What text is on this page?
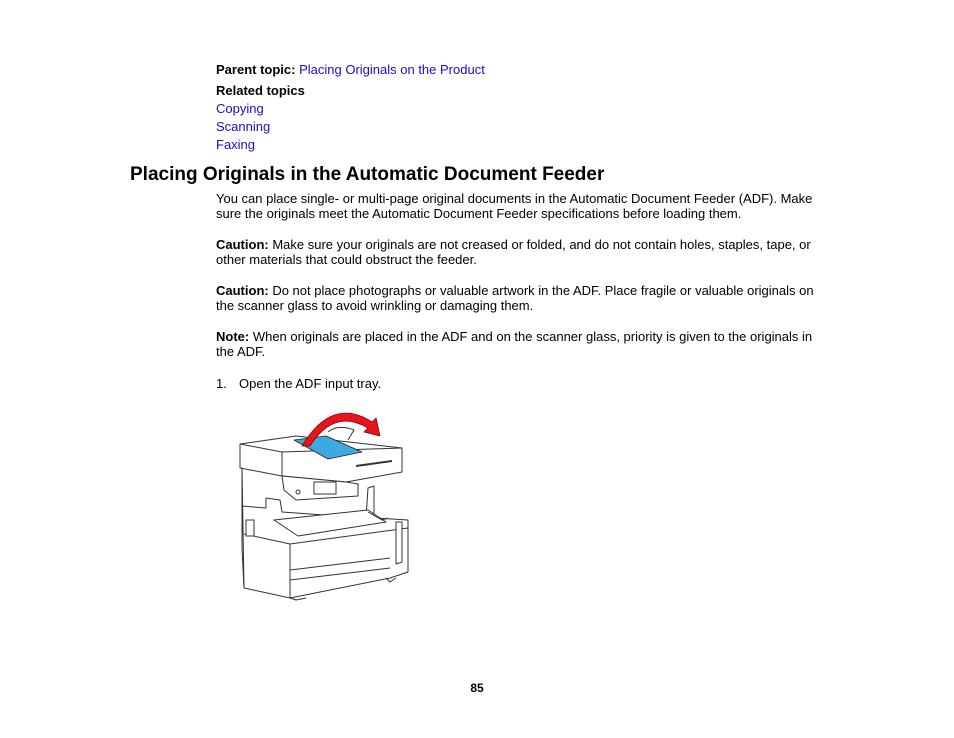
Parent topic: Placing Originals on the Product
Related topics
Copying
Scanning
Faxing
Placing Originals in the Automatic Document Feeder
You can place single- or multi-page original documents in the Automatic Document Feeder (ADF). Make sure the originals meet the Automatic Document Feeder specifications before loading them.
Caution: Make sure your originals are not creased or folded, and do not contain holes, staples, tape, or other materials that could obstruct the feeder.
Caution: Do not place photographs or valuable artwork in the ADF. Place fragile or valuable originals on the scanner glass to avoid wrinkling or damaging them.
Note: When originals are placed in the ADF and on the scanner glass, priority is given to the originals in the ADF.
1. Open the ADF input tray.
85
